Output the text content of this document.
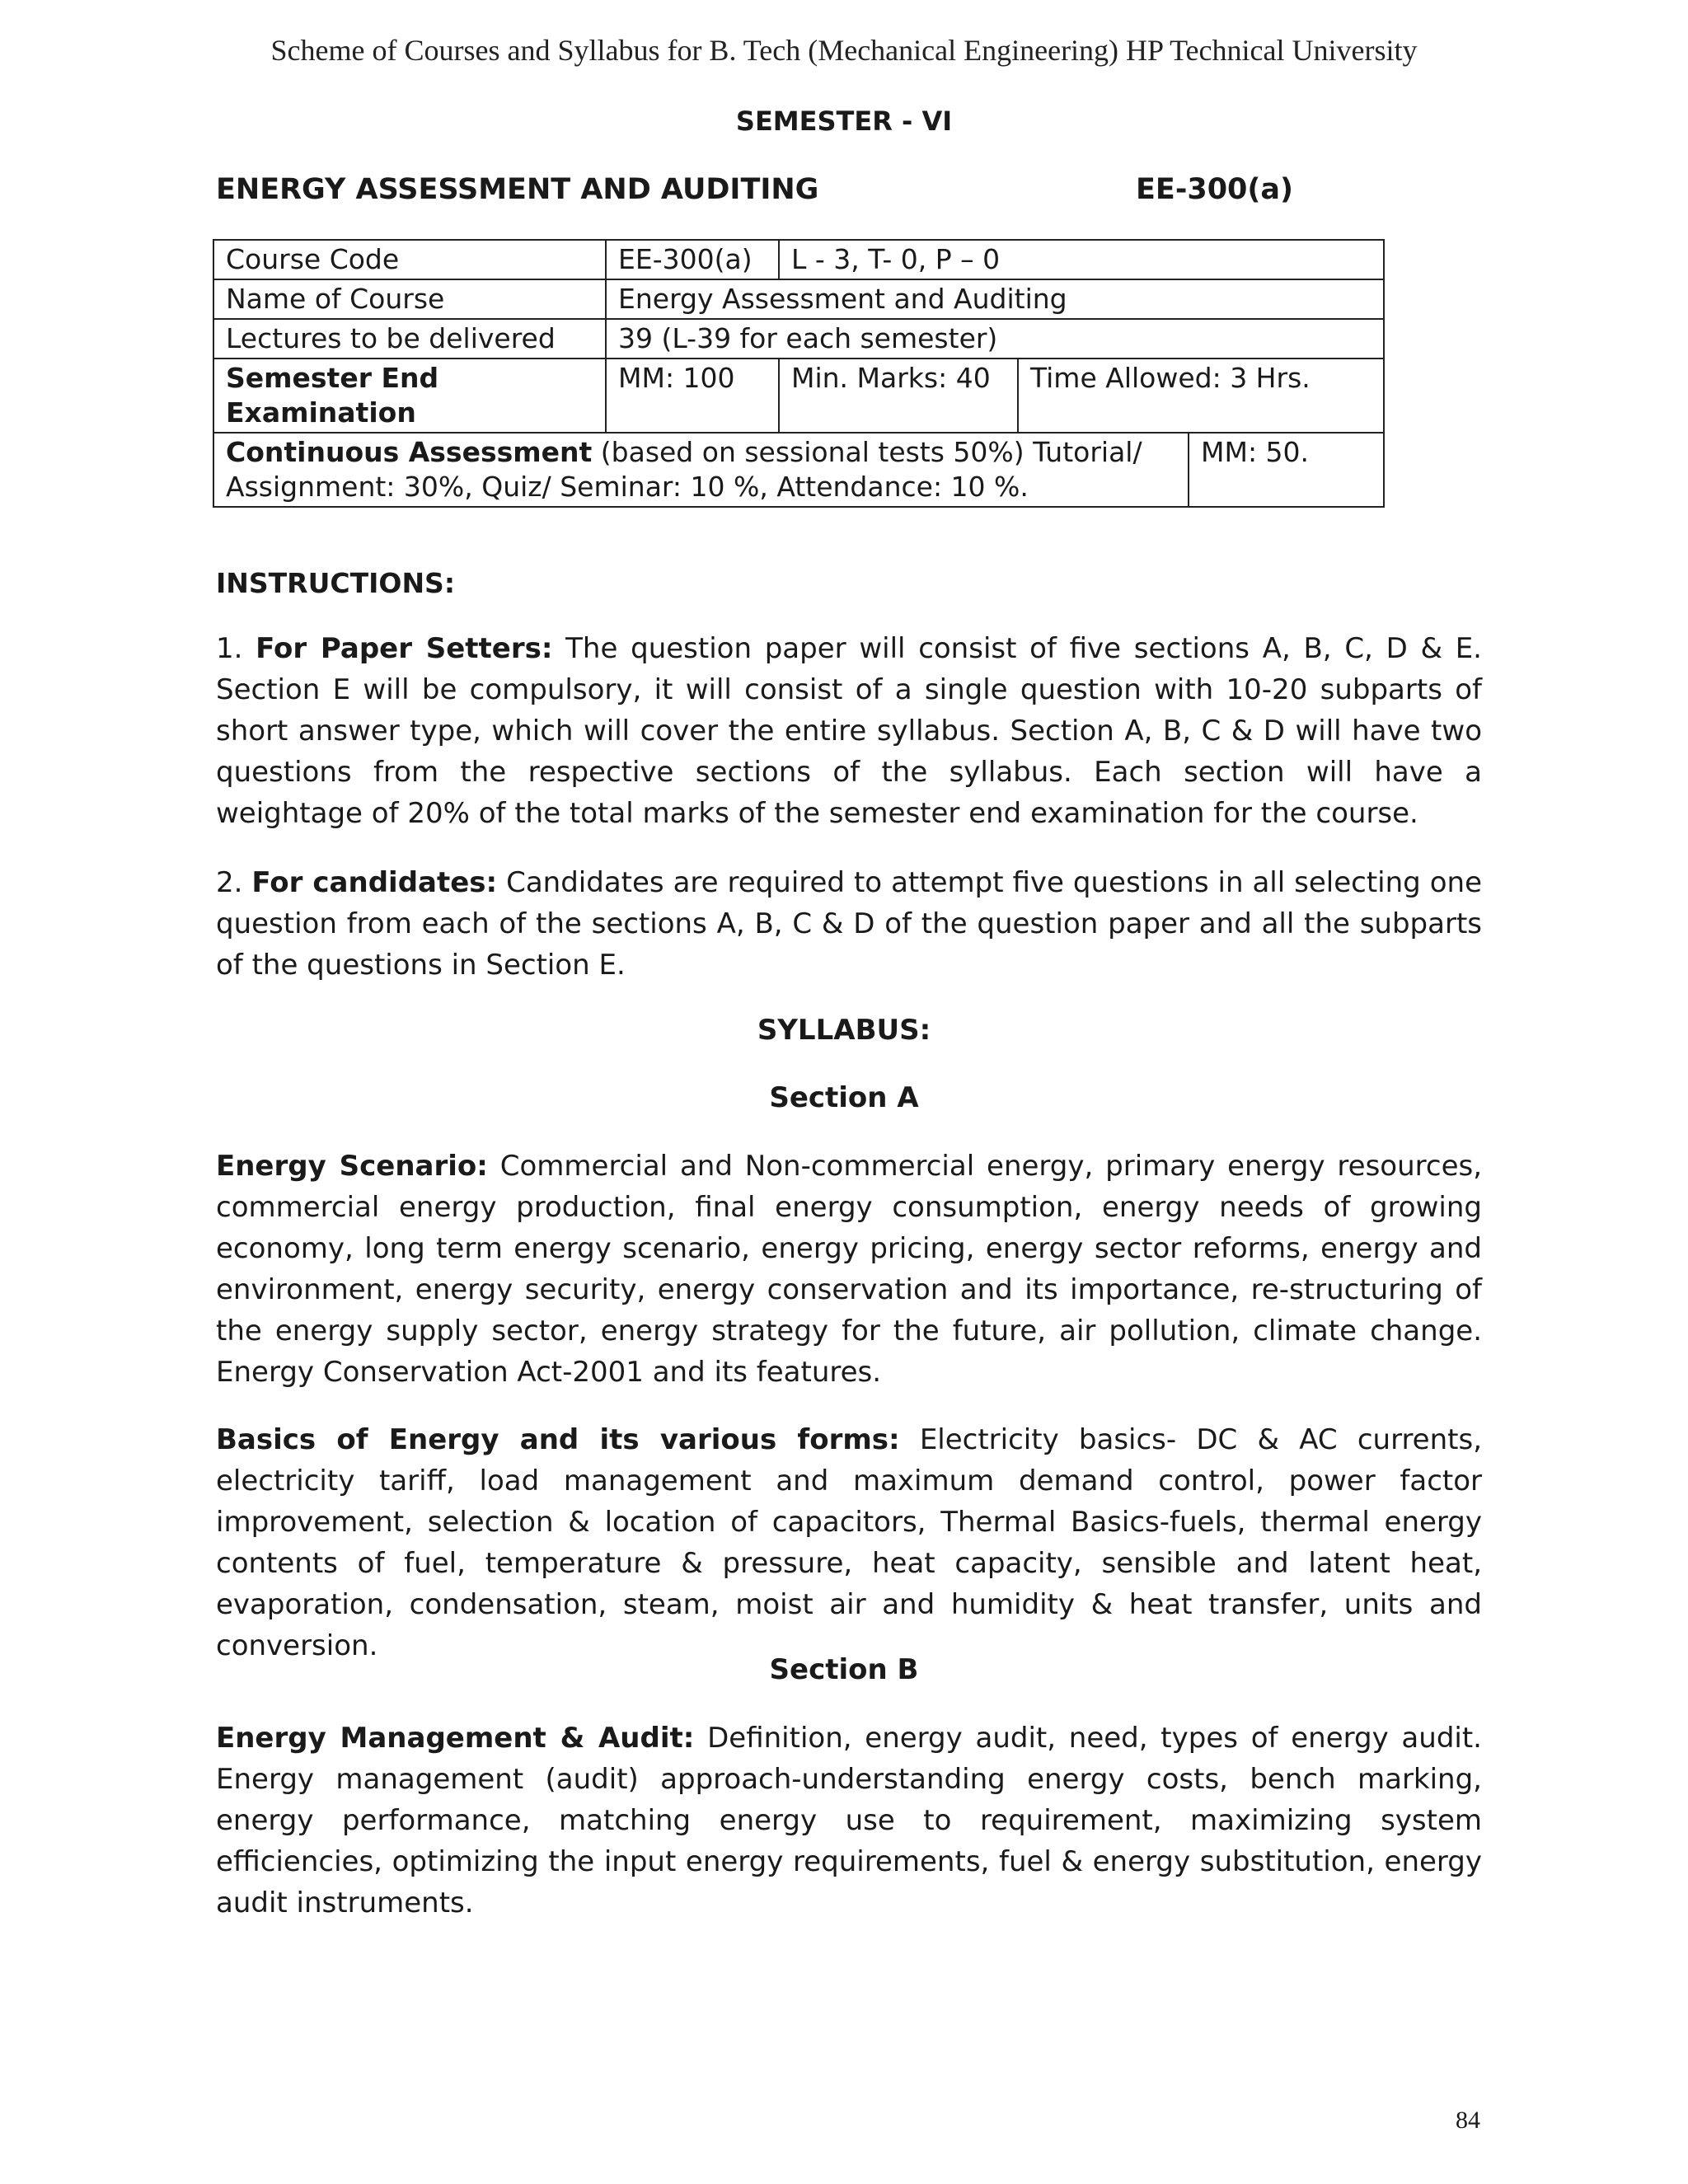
Scheme of Courses and Syllabus for B. Tech (Mechanical Engineering) HP Technical University
SEMESTER - VI
ENERGY ASSESSMENT AND AUDITING	EE-300(a)
Course Code	EE-300(a)	L - 3, T- 0, P – 0		
Name of Course	Energy Assessment and Auditing			
Lectures to be delivered	39 (L-39 for each semester)			
Semester End Examination	MM: 100	Min. Marks: 40	Time Allowed: 3 Hrs.	
Continuous Assessment (based on sessional tests 50%) Tutorial/ Assignment: 30%, Quiz/ Seminar: 10 %, Attendance: 10 %.				MM: 50.
INSTRUCTIONS:

1. For Paper Setters: The question paper will consist of five sections A, B, C, D & E. Section E will be compulsory, it will consist of a single question with 10-20 subparts of short answer type, which will cover the entire syllabus. Section A, B, C & D will have two questions from the respective sections of the syllabus. Each section will have a weightage of 20% of the total marks of the semester end examination for the course.

2. For candidates: Candidates are required to attempt five questions in all selecting one question from each of the sections A, B, C & D of the question paper and all the subparts of the questions in Section E.

SYLLABUS:
Section A

Energy Scenario: Commercial and Non-commercial energy, primary energy resources, commercial energy production, final energy consumption, energy needs of growing economy, long term energy scenario, energy pricing, energy sector reforms, energy and environment, energy security, energy conservation and its importance, re-structuring of the energy supply sector, energy strategy for the future, air pollution, climate change. Energy Conservation Act-2001 and its features.

Basics of Energy and its various forms: Electricity basics- DC & AC currents, electricity tariff, load management and maximum demand control, power factor improvement, selection & location of capacitors, Thermal Basics-fuels, thermal energy contents of fuel, temperature & pressure, heat capacity, sensible and latent heat, evaporation, condensation, steam, moist air and humidity & heat transfer, units and conversion.

Section B

Energy Management & Audit: Definition, energy audit, need, types of energy audit. Energy management (audit) approach-understanding energy costs, bench marking, energy performance, matching energy use to requirement, maximizing system efficiencies, optimizing the input energy requirements, fuel & energy substitution, energy audit instruments.

84
